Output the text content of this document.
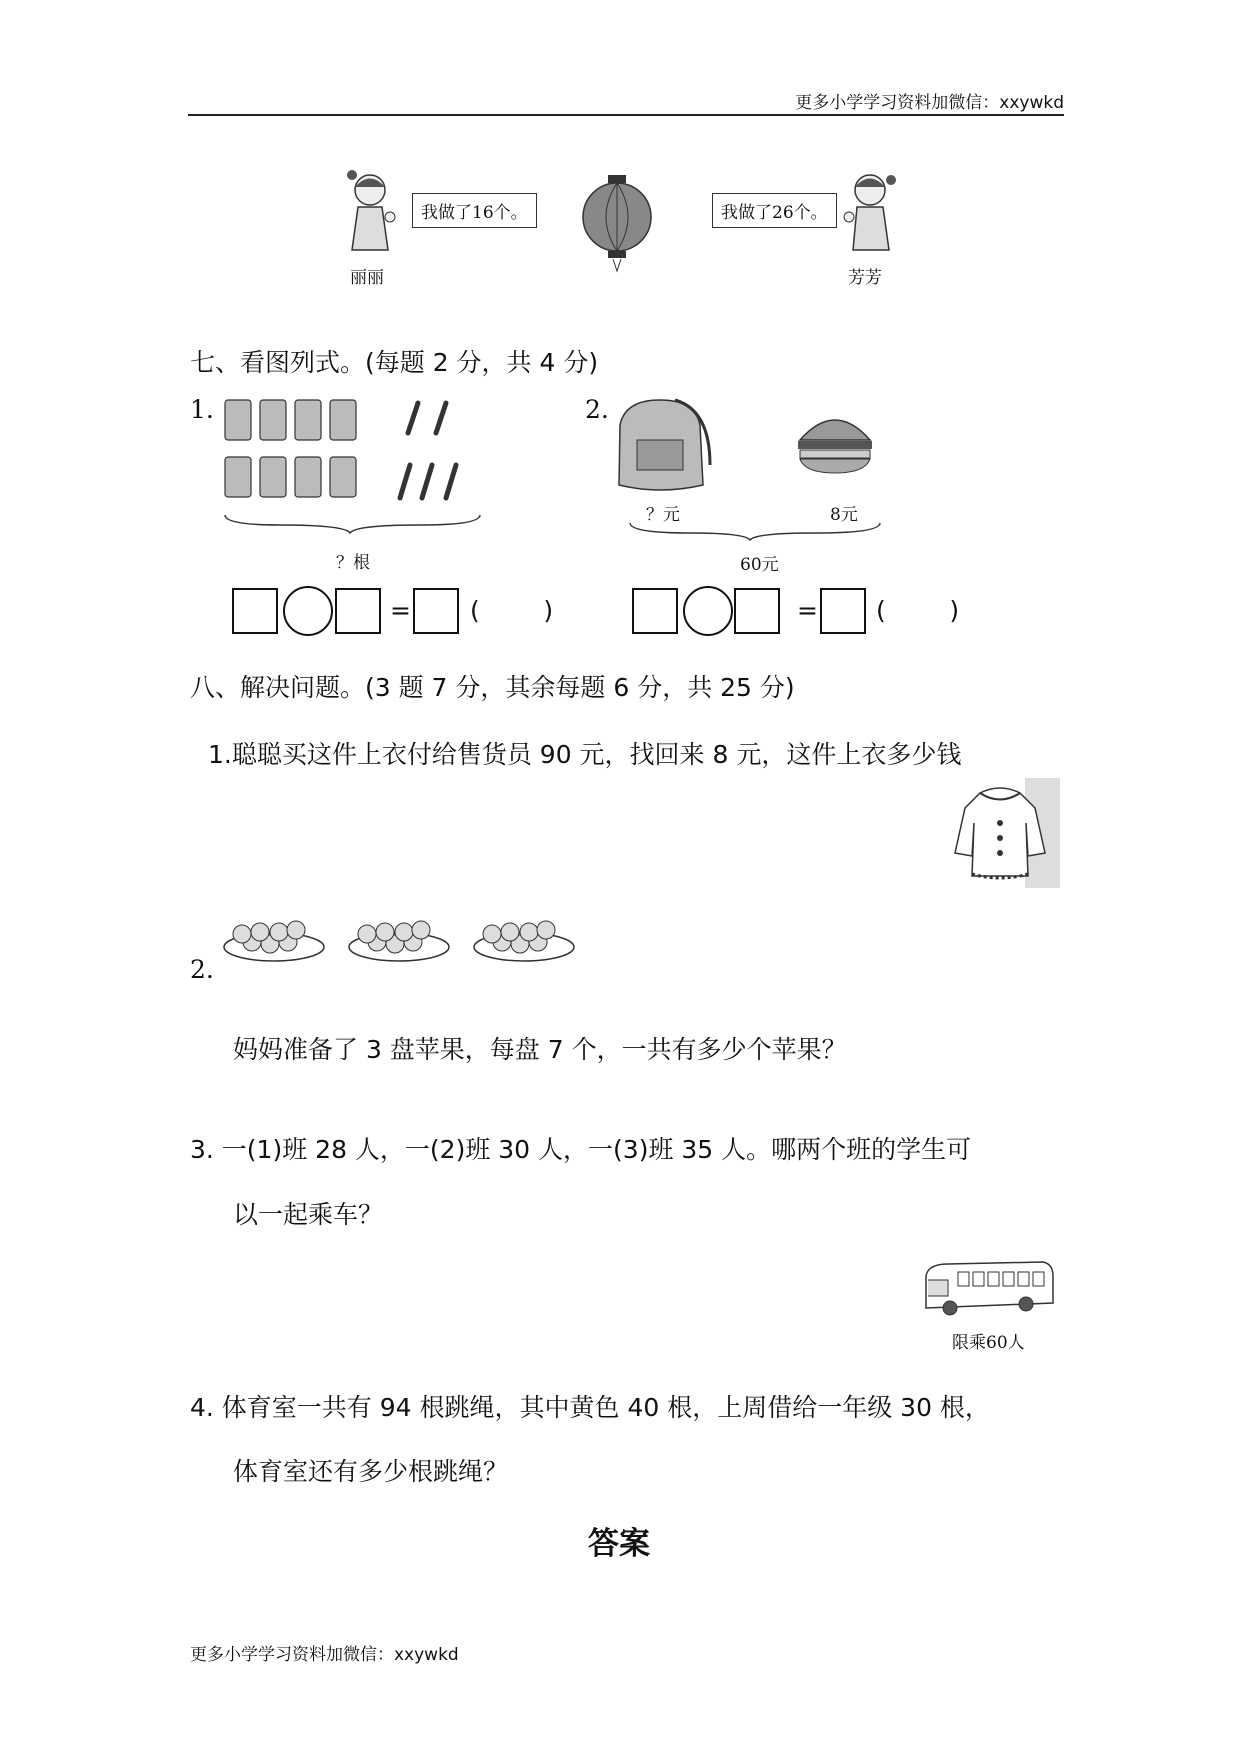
更多小学学习资料加微信：xxywkd
丽丽
我做了16个。	我做了26个。
芳芳
七、看图列式。(每题 2 分，共 4 分)
1.
？根
= (        )
2.
？元	8元
60元
= (        )
八、解决问题。(3 题 7 分，其余每题 6 分，共 25 分)
1.聪聪买这件上衣付给售货员 90 元，找回来 8 元，这件上衣多少钱
2.
妈妈准备了 3 盘苹果，每盘 7 个，一共有多少个苹果？
3. 一(1)班 28 人，一(2)班 30 人，一(3)班 35 人。哪两个班的学生可
以一起乘车？
限乘60人
4. 体育室一共有 94 根跳绳，其中黄色 40 根，上周借给一年级 30 根，
体育室还有多少根跳绳？
答案
更多小学学习资料加微信：xxywkd
